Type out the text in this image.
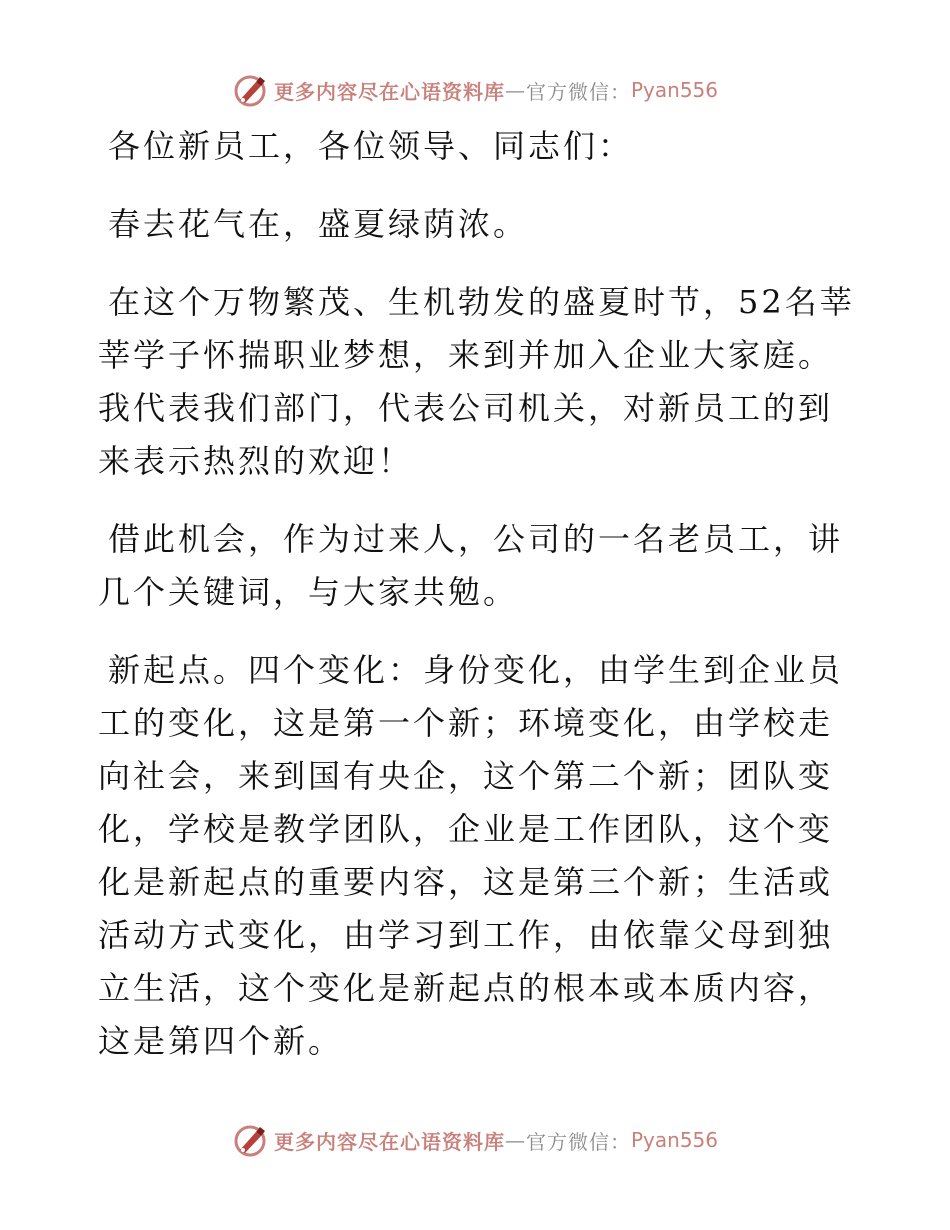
更多内容尽在心语资料库 — 官方微信： Pyan556

各位新员工，各位领导、同志们：

春去花气在，盛夏绿荫浓。

在这个万物繁茂、生机勃发的盛夏时节，52名莘莘学子怀揣职业梦想，来到并加入企业大家庭。我代表我们部门，代表公司机关，对新员工的到来表示热烈的欢迎！

借此机会，作为过来人，公司的一名老员工，讲几个关键词，与大家共勉。

新起点。四个变化：身份变化，由学生到企业员工的变化，这是第一个新；环境变化，由学校走向社会，来到国有央企，这个第二个新；团队变化，学校是教学团队，企业是工作团队，这个变化是新起点的重要内容，这是第三个新；生活或活动方式变化，由学习到工作，由依靠父母到独立生活，这个变化是新起点的根本或本质内容，这是第四个新。

更多内容尽在心语资料库 — 官方微信： Pyan556
